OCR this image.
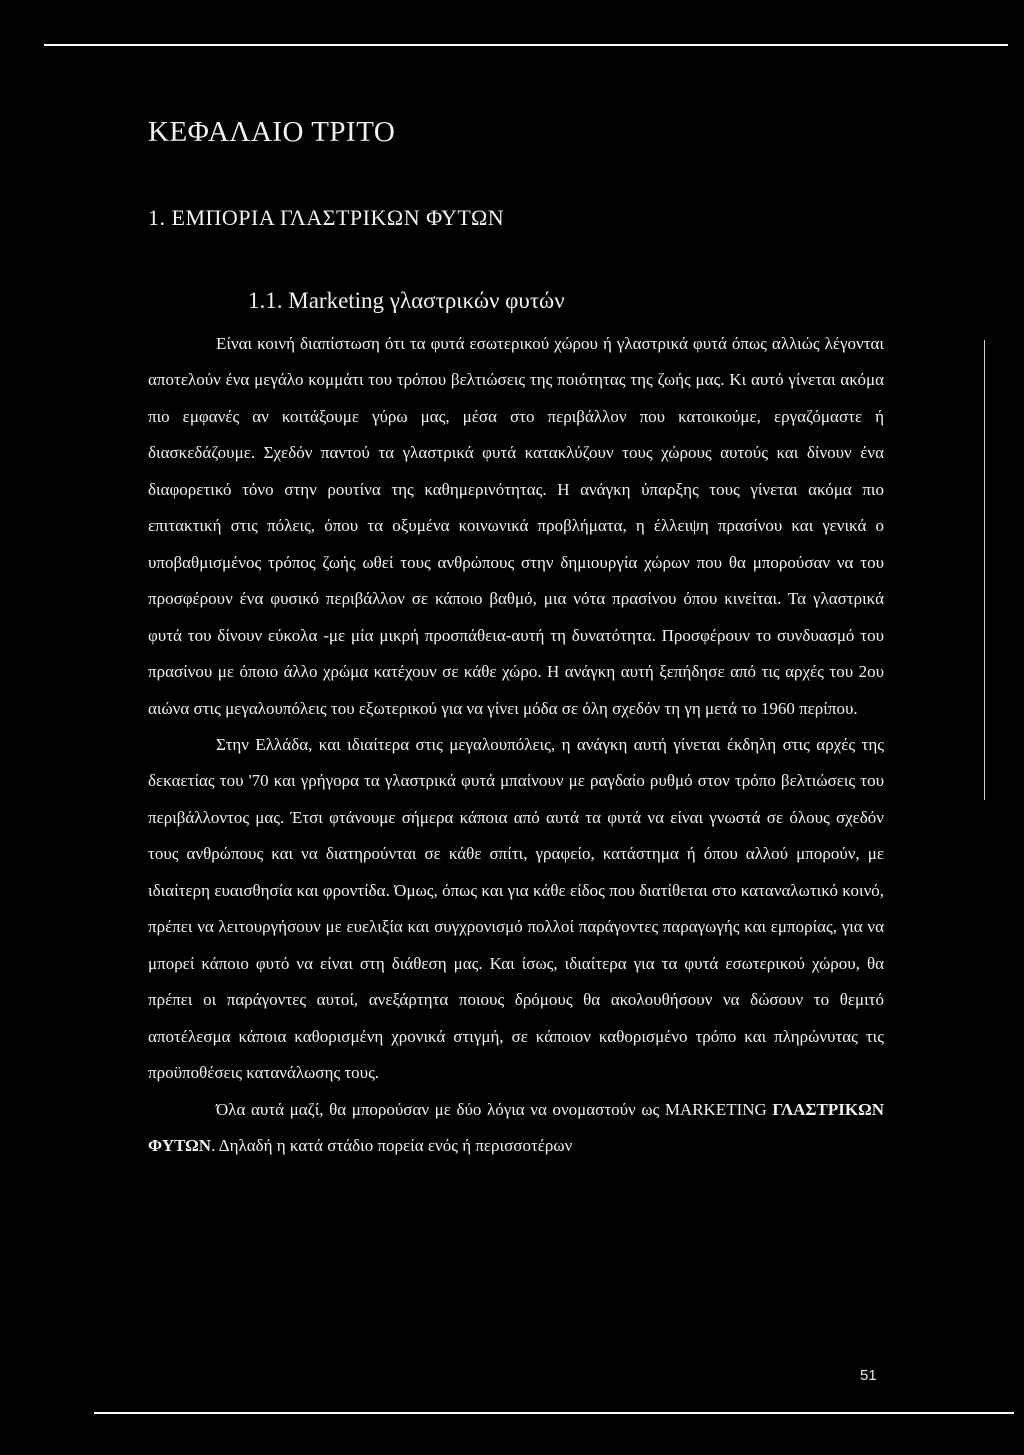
ΚΕΦΑΛΑΙΟ ΤΡΙΤΟ
1. ΕΜΠΟΡΙΑ ΓΛΑΣΤΡΙΚΩΝ ΦΥΤΩΝ
1.1. Marketing γλαστρικών φυτών

Είναι κοινή διαπίστωση ότι τα φυτά εσωτερικού χώρου ή γλαστρικά φυτά όπως αλλιώς λέγονται αποτελούν ένα μεγάλο κομμάτι του τρόπου βελτιώσεις της ποιότητας της ζωής μας. Κι αυτό γίνεται ακόμα πιο εμφανές αν κοιτάξουμε γύρω μας, μέσα στο περιβάλλον που κατοικούμε, εργαζόμαστε ή διασκεδάζουμε. Σχεδόν παντού τα γλαστρικά φυτά κατακλύζουν τους χώρους αυτούς και δίνουν ένα διαφορετικό τόνο στην ρουτίνα της καθημερινότητας. Η ανάγκη ύπαρξης τους γίνεται ακόμα πιο επιτακτική στις πόλεις, όπου τα οξυμένα κοινωνικά προβλήματα, η έλλειψη πρασίνου και γενικά ο υποβαθμισμένος τρόπος ζωής ωθεί τους ανθρώπους στην δημιουργία χώρων που θα μπορούσαν να του προσφέρουν ένα φυσικό περιβάλλον σε κάποιο βαθμό, μια νότα πρασίνου όπου κινείται. Τα γλαστρικά φυτά του δίνουν εύκολα -με μία μικρή προσπάθεια-αυτή τη δυνατότητα. Προσφέρουν το συνδυασμό του πρασίνου με όποιο άλλο χρώμα κατέχουν σε κάθε χώρο. Η ανάγκη αυτή ξεπήδησε από τις αρχές του 2ου αιώνα στις μεγαλουπόλεις του εξωτερικού για να γίνει μόδα σε όλη σχεδόν τη γη μετά το 1960 περίπου.

Στην Ελλάδα, και ιδιαίτερα στις μεγαλουπόλεις, η ανάγκη αυτή γίνεται έκδηλη στις αρχές της δεκαετίας του '70 και γρήγορα τα γλαστρικά φυτά μπαίνουν με ραγδαίο ρυθμό στον τρόπο βελτιώσεις του περιβάλλοντος μας. Έτσι φτάνουμε σήμερα κάποια από αυτά τα φυτά να είναι γνωστά σε όλους σχεδόν τους ανθρώπους και να διατηρούνται σε κάθε σπίτι, γραφείο, κατάστημα ή όπου αλλού μπορούν, με ιδιαίτερη ευαισθησία και φροντίδα. Όμως, όπως και για κάθε είδος που διατίθεται στο καταναλωτικό κοινό, πρέπει να λειτουργήσουν με ευελιξία και συγχρονισμό πολλοί παράγοντες παραγωγής και εμπορίας, για να μπορεί κάποιο φυτό να είναι στη διάθεση μας. Και ίσως, ιδιαίτερα για τα φυτά εσωτερικού χώρου, θα πρέπει οι παράγοντες αυτοί, ανεξάρτητα ποιους δρόμους θα ακολουθήσουν να δώσουν το θεμιτό αποτέλεσμα κάποια καθορισμένη χρονικά στιγμή, σε κάποιον καθορισμένο τρόπο και πληρώνυτας τις προϋποθέσεις κατανάλωσης τους.

Όλα αυτά μαζί, θα μπορούσαν με δύο λόγια να ονομαστούν ως MARKETING ΓΛΑΣΤΡΙΚΩΝ ΦΥΤΩΝ. Δηλαδή η κατά στάδιο πορεία ενός ή περισσοτέρων

51
